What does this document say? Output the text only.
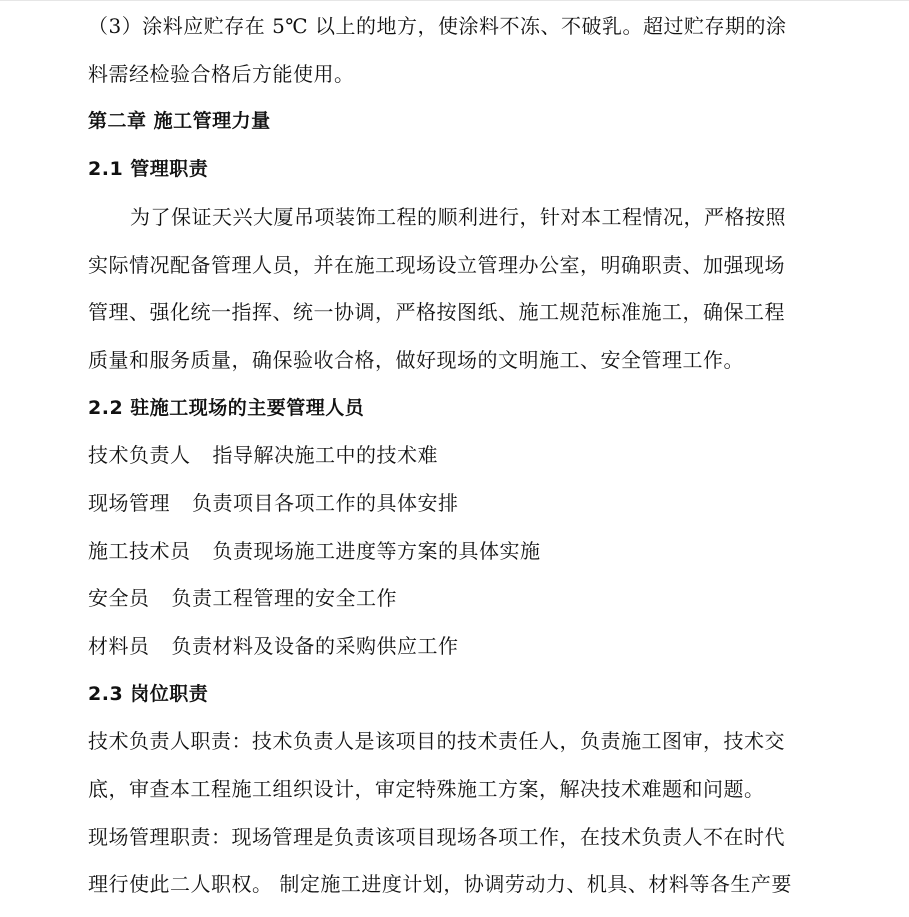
（3）涂料应贮存在 5℃ 以上的地方，使涂料不冻、不破乳。超过贮存期的涂
料需经检验合格后方能使用。
第二章 施工管理力量
2.1 管理职责
为了保证天兴大厦吊项装饰工程的顺利进行，针对本工程情况，严格按照
实际情况配备管理人员，并在施工现场设立管理办公室，明确职责、加强现场
管理、强化统一指挥、统一协调，严格按图纸、施工规范标准施工，确保工程
质量和服务质量，确保验收合格，做好现场的文明施工、安全管理工作。
2.2 驻施工现场的主要管理人员
技术负责人 指导解决施工中的技术难
现场管理 负责项目各项工作的具体安排
施工技术员 负责现场施工进度等方案的具体实施
安全员 负责工程管理的安全工作
材料员 负责材料及设备的采购供应工作
2.3 岗位职责
技术负责人职责：技术负责人是该项目的技术责任人，负责施工图审，技术交
底，审查本工程施工组织设计，审定特殊施工方案，解决技术难题和问题。
现场管理职责：现场管理是负责该项目现场各项工作，在技术负责人不在时代
理行使此二人职权。 制定施工进度计划，协调劳动力、机具、材料等各生产要
